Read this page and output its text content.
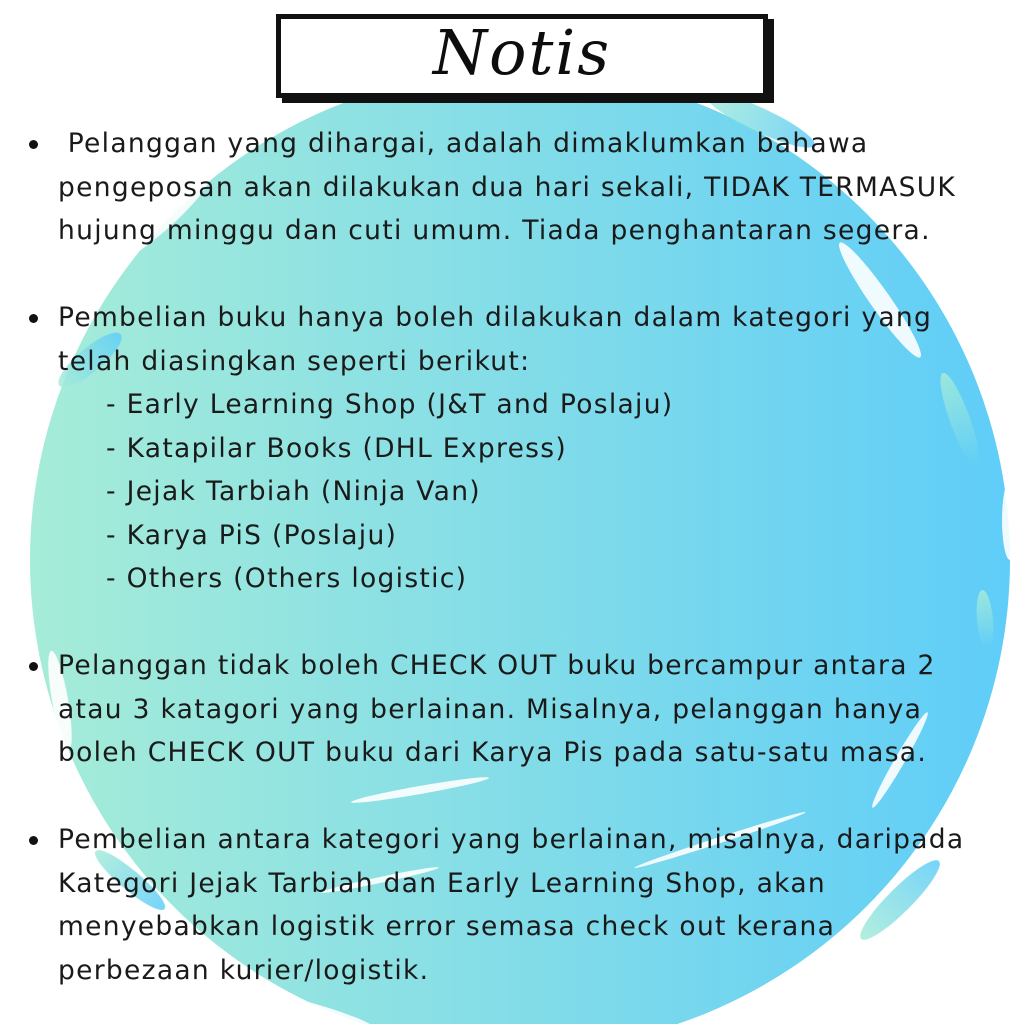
Notis
Pelanggan yang dihargai, adalah dimaklumkan bahawa
pengeposan akan dilakukan dua hari sekali, TIDAK TERMASUK
hujung minggu dan cuti umum. Tiada penghantaran segera.
Pembelian buku hanya boleh dilakukan dalam kategori yang
telah diasingkan seperti berikut:
- Early Learning Shop (J&T and Poslaju)
- Katapilar Books (DHL Express)
- Jejak Tarbiah (Ninja Van)
- Karya PiS (Poslaju)
- Others (Others logistic)
Pelanggan tidak boleh CHECK OUT buku bercampur antara 2
atau 3 katagori yang berlainan. Misalnya, pelanggan hanya
boleh CHECK OUT buku dari Karya Pis pada satu-satu masa.
Pembelian antara kategori yang berlainan, misalnya, daripada
Kategori Jejak Tarbiah dan Early Learning Shop, akan
menyebabkan logistik error semasa check out kerana
perbezaan kurier/logistik.
